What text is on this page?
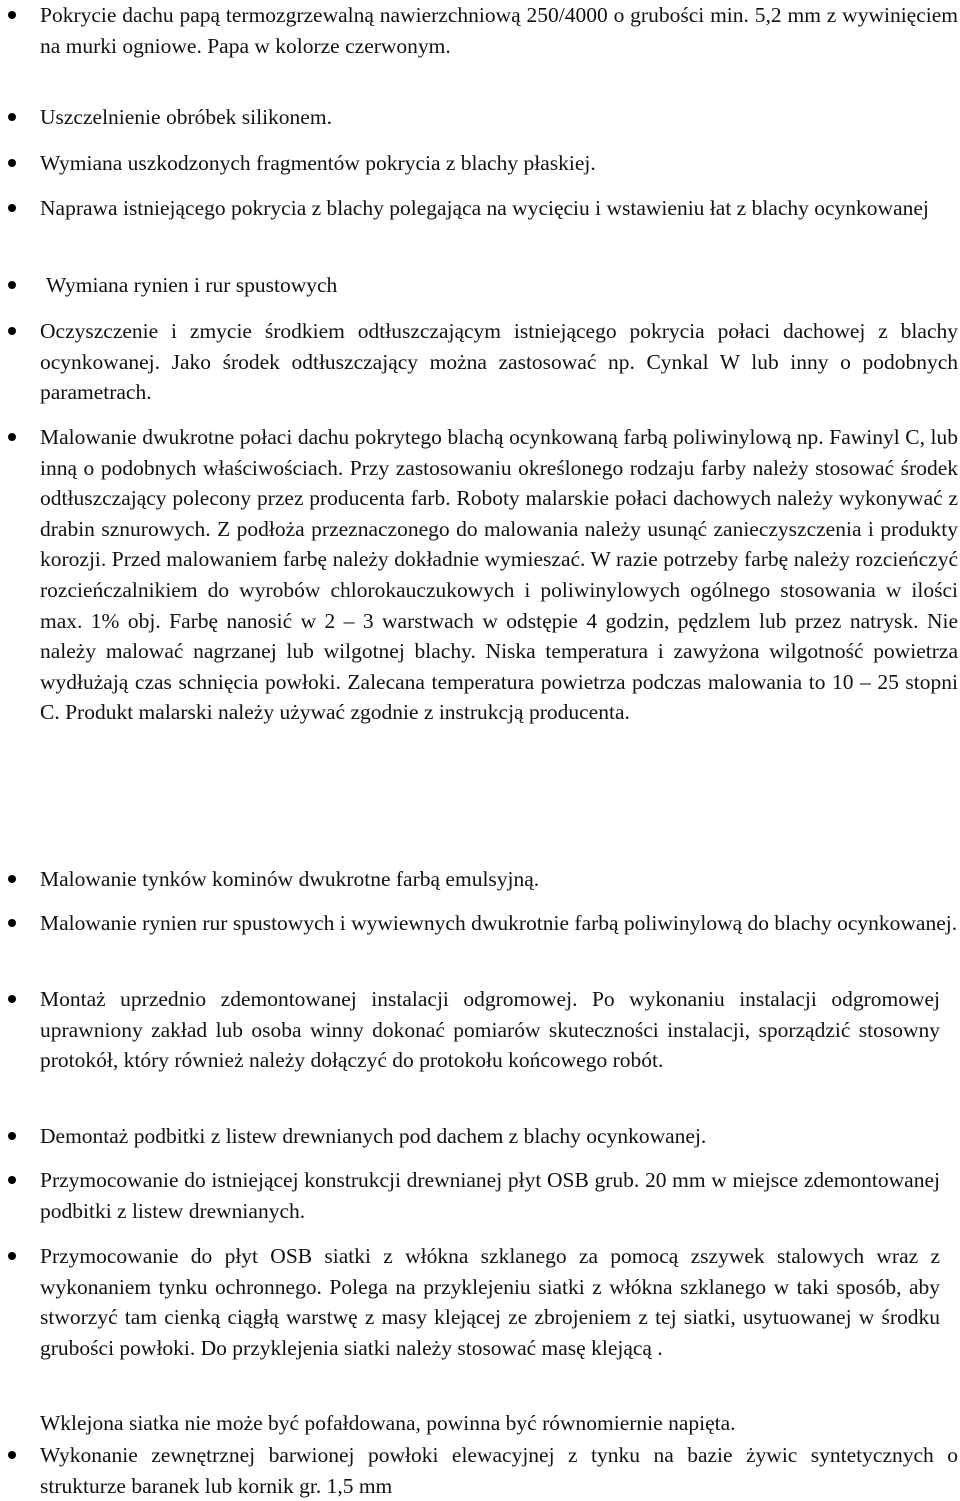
Pokrycie dachu papą termozgrzewalną nawierzchniową 250/4000 o grubości min. 5,2 mm z wywinięciem na murki ogniowe. Papa w kolorze czerwonym.
Uszczelnienie obróbek silikonem.
Wymiana uszkodzonych fragmentów pokrycia z blachy płaskiej.
Naprawa istniejącego pokrycia z blachy polegająca na wycięciu i wstawieniu łat z blachy ocynkowanej
Wymiana rynien i rur spustowych
Oczyszczenie i zmycie środkiem odtłuszczającym istniejącego pokrycia połaci dachowej z blachy ocynkowanej. Jako środek odtłuszczający można zastosować np. Cynkal W lub inny o podobnych parametrach.
Malowanie dwukrotne połaci dachu pokrytego blachą ocynkowaną farbą poliwinylową np. Fawinyl C, lub inną o podobnych właściwościach. Przy zastosowaniu określonego rodzaju farby należy stosować środek odtłuszczający polecony przez producenta farb. Roboty malarskie połaci dachowych należy wykonywać z drabin sznurowych. Z podłoża przeznaczonego do malowania należy usunąć zanieczyszczenia i produkty korozji. Przed malowaniem farbę należy dokładnie wymieszać. W razie potrzeby farbę należy rozcieńczyć rozcieńczalnikiem do wyrobów chlorokauczukowych i poliwinylowych ogólnego stosowania w ilości max. 1% obj. Farbę nanosić w 2 – 3 warstwach w odstępie 4 godzin, pędzlem lub przez natrysk. Nie należy malować nagrzanej lub wilgotnej blachy. Niska temperatura i zawyżona wilgotność powietrza wydłużają czas schnięcia powłoki. Zalecana temperatura powietrza podczas malowania to 10 – 25 stopni C. Produkt malarski należy używać zgodnie z instrukcją producenta.
Malowanie tynków kominów dwukrotne farbą emulsyjną.
Malowanie rynien rur spustowych i wywiewnych dwukrotnie farbą poliwinylową do blachy ocynkowanej.
Montaż uprzednio zdemontowanej instalacji odgromowej. Po wykonaniu instalacji odgromowej uprawniony zakład lub osoba winny dokonać pomiarów skuteczności instalacji, sporządzić stosowny protokół, który również należy dołączyć do protokołu końcowego robót.
Demontaż podbitki z listew drewnianych pod dachem z blachy ocynkowanej.
Przymocowanie do istniejącej konstrukcji drewnianej płyt OSB grub. 20 mm w miejsce zdemontowanej podbitki z listew drewnianych.
Przymocowanie do płyt OSB siatki z włókna szklanego za pomocą zszywek stalowych wraz z wykonaniem tynku ochronnego. Polega na przyklejeniu siatki z włókna szklanego w taki sposób, aby stworzyć tam cienką ciągłą warstwę z masy klejącej ze zbrojeniem z tej siatki, usytuowanej w środku grubości powłoki. Do przyklejenia siatki należy stosować masę klejącą .
Wklejona siatka nie może być pofałdowana, powinna być równomiernie napięta.
Wykonanie zewnętrznej barwionej powłoki elewacyjnej z tynku na bazie żywic syntetycznych o strukturze baranek lub kornik gr. 1,5 mm
